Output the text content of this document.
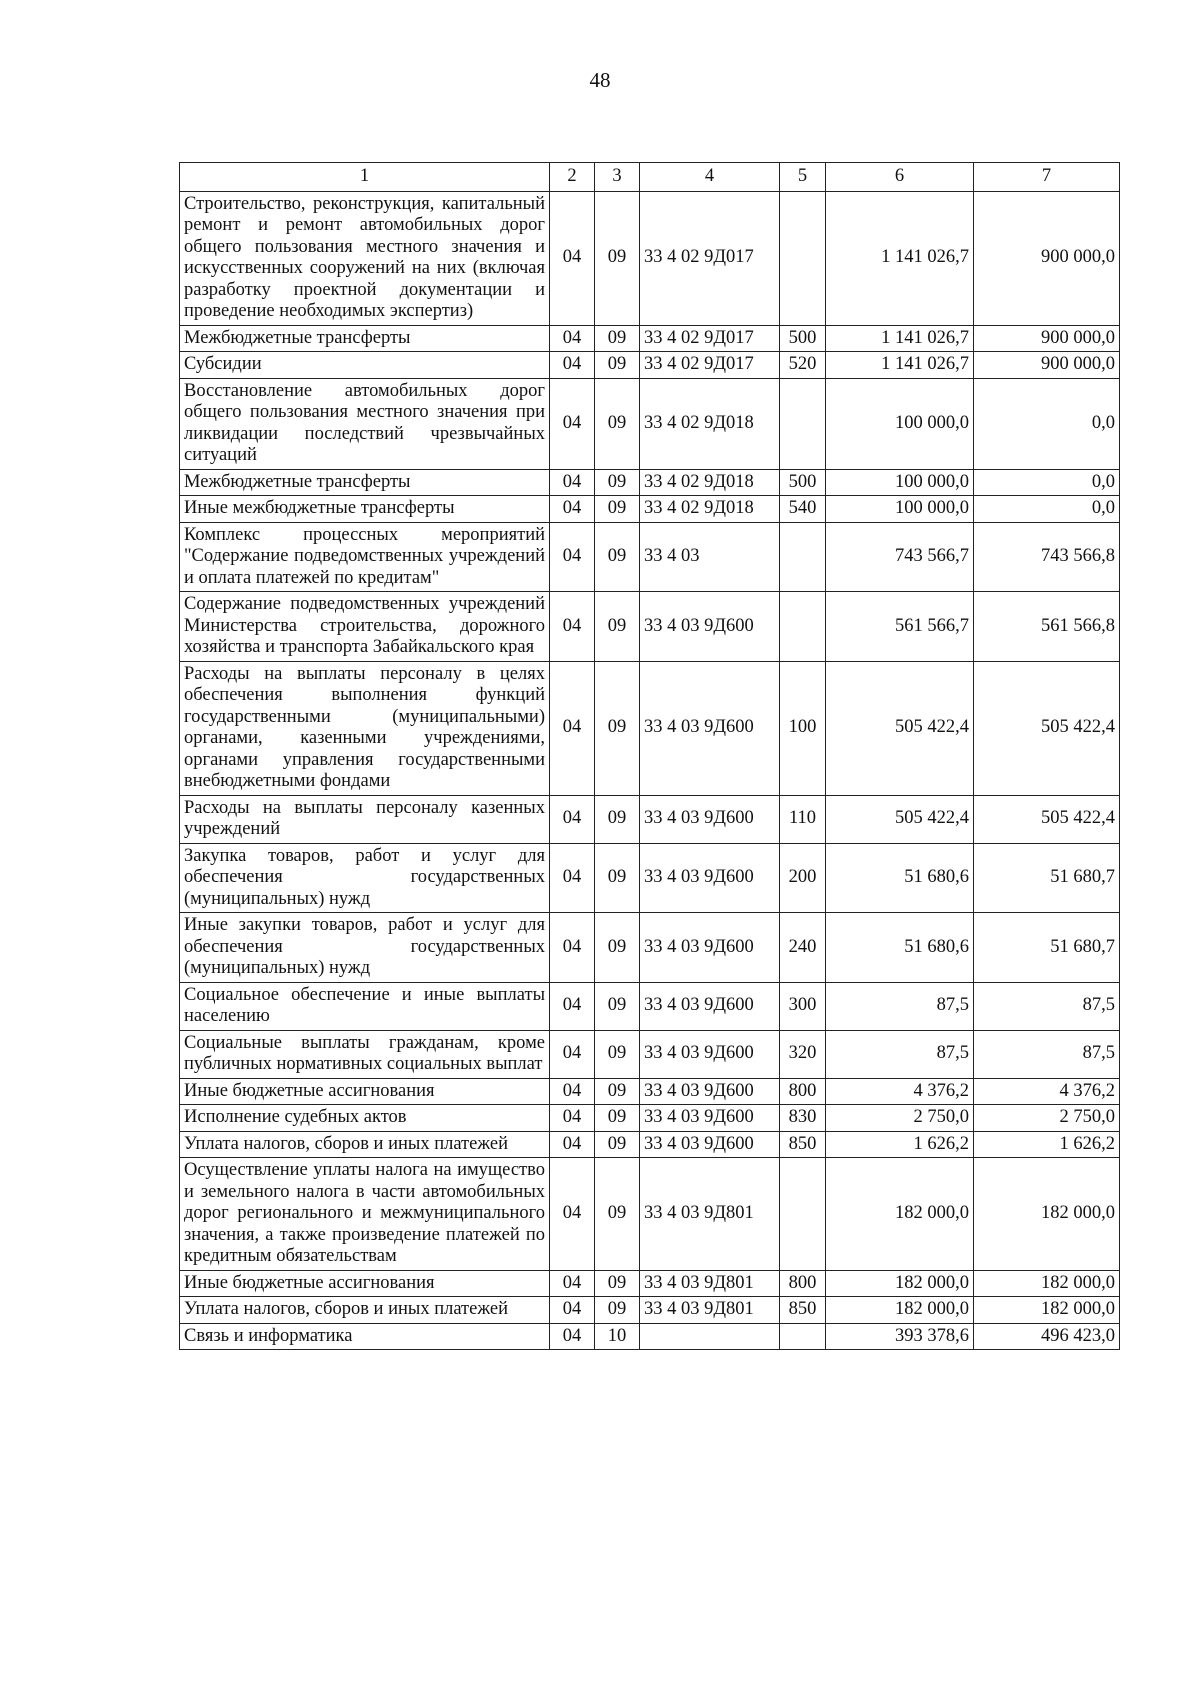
48
1	2	3	4	5	6	7
Строительство, реконструкция, капитальный ремонт и ремонт автомобильных дорог общего пользования местного значения и искусственных сооружений на них (включая разработку проектной документации и проведение необходимых экспертиз)	04	09	33 4 02 9Д017		1 141 026,7	900 000,0
Межбюджетные трансферты	04	09	33 4 02 9Д017	500	1 141 026,7	900 000,0
Субсидии	04	09	33 4 02 9Д017	520	1 141 026,7	900 000,0
Восстановление автомобильных дорог общего пользования местного значения при ликвидации последствий чрезвычайных ситуаций	04	09	33 4 02 9Д018		100 000,0	0,0
Межбюджетные трансферты	04	09	33 4 02 9Д018	500	100 000,0	0,0
Иные межбюджетные трансферты	04	09	33 4 02 9Д018	540	100 000,0	0,0
Комплекс процессных мероприятий "Содержание подведомственных учреждений и оплата платежей по кредитам"	04	09	33 4 03		743 566,7	743 566,8
Содержание подведомственных учреждений Министерства строительства, дорожного хозяйства и транспорта Забайкальского края	04	09	33 4 03 9Д600		561 566,7	561 566,8
Расходы на выплаты персоналу в целях обеспечения выполнения функций государственными (муниципальными) органами, казенными учреждениями, органами управления государственными внебюджетными фондами	04	09	33 4 03 9Д600	100	505 422,4	505 422,4
Расходы на выплаты персоналу казенных учреждений	04	09	33 4 03 9Д600	110	505 422,4	505 422,4
Закупка товаров, работ и услуг для обеспечения государственных (муниципальных) нужд	04	09	33 4 03 9Д600	200	51 680,6	51 680,7
Иные закупки товаров, работ и услуг для обеспечения государственных (муниципальных) нужд	04	09	33 4 03 9Д600	240	51 680,6	51 680,7
Социальное обеспечение и иные выплаты населению	04	09	33 4 03 9Д600	300	87,5	87,5
Социальные выплаты гражданам, кроме публичных нормативных социальных выплат	04	09	33 4 03 9Д600	320	87,5	87,5
Иные бюджетные ассигнования	04	09	33 4 03 9Д600	800	4 376,2	4 376,2
Исполнение судебных актов	04	09	33 4 03 9Д600	830	2 750,0	2 750,0
Уплата налогов, сборов и иных платежей	04	09	33 4 03 9Д600	850	1 626,2	1 626,2
Осуществление уплаты налога на имущество и земельного налога в части автомобильных дорог регионального и межмуниципального значения, а также произведение платежей по кредитным обязательствам	04	09	33 4 03 9Д801		182 000,0	182 000,0
Иные бюджетные ассигнования	04	09	33 4 03 9Д801	800	182 000,0	182 000,0
Уплата налогов, сборов и иных платежей	04	09	33 4 03 9Д801	850	182 000,0	182 000,0
Связь и информатика	04	10			393 378,6	496 423,0
